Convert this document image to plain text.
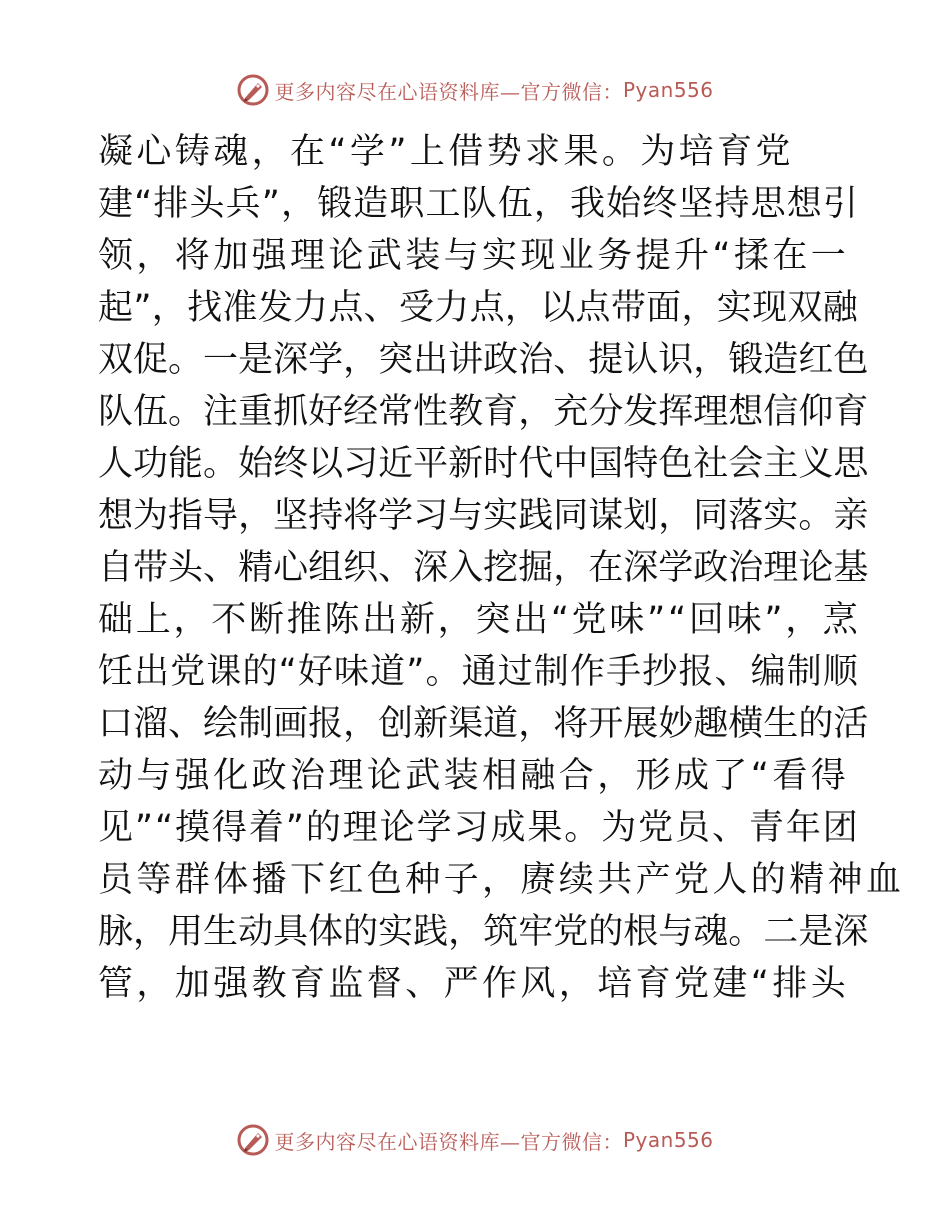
更多内容尽在心语资料库—官方微信： Pyan556
凝心铸魂，在“学”上借势求果。为培育党
建 “ 排 头 兵 ” ， 锻 造 职 工 队 伍 ， 我 始 终 坚 持 思 想 引
领，将加强理论武装与实现业务提升“揉在一
起 ” ， 找 准 发 力 点 、 受 力 点 ， 以 点 带 面 ， 实 现 双 融
双 促 。 一 是 深 学 ， 突 出 讲 政 治 、 提 认 识 ， 锻 造 红 色
队 伍 。 注 重 抓 好 经 常 性 教 育 ， 充 分 发 挥 理 想 信 仰 育
人 功 能 。 始 终 以 习 近 平 新 时 代 中 国 特 色 社 会 主 义 思
想 为 指 导 ， 坚 持 将 学 习 与 实 践 同 谋 划 ， 同 落 实 。 亲
自 带 头 、 精 心 组 织 、 深 入 挖 掘 ， 在 深 学 政 治 理 论 基
础 上 ， 不 断 推 陈 出 新 ， 突 出 “ 党 味 ” “ 回 味 ” ， 烹
饪 出 党 课 的 “ 好 味 道 ” 。 通 过 制 作 手 抄 报 、 编 制 顺
口 溜 、 绘 制 画 报 ， 创 新 渠 道 ， 将 开 展 妙 趣 横 生 的 活
动与强化政治理论武装相融合，形成了“看得
见 ” “ 摸 得 着 ” 的 理 论 学 习 成 果 。 为 党 员 、 青 年 团
员等群体播下红色种子，赓续共产党人的精神血
脉 ， 用 生 动 具 体 的 实 践 ， 筑 牢 党 的 根 与 魂 。 二 是 深
管，加强教育监督、严作风，培育党建“排头
更多内容尽在心语资料库—官方微信： Pyan556
